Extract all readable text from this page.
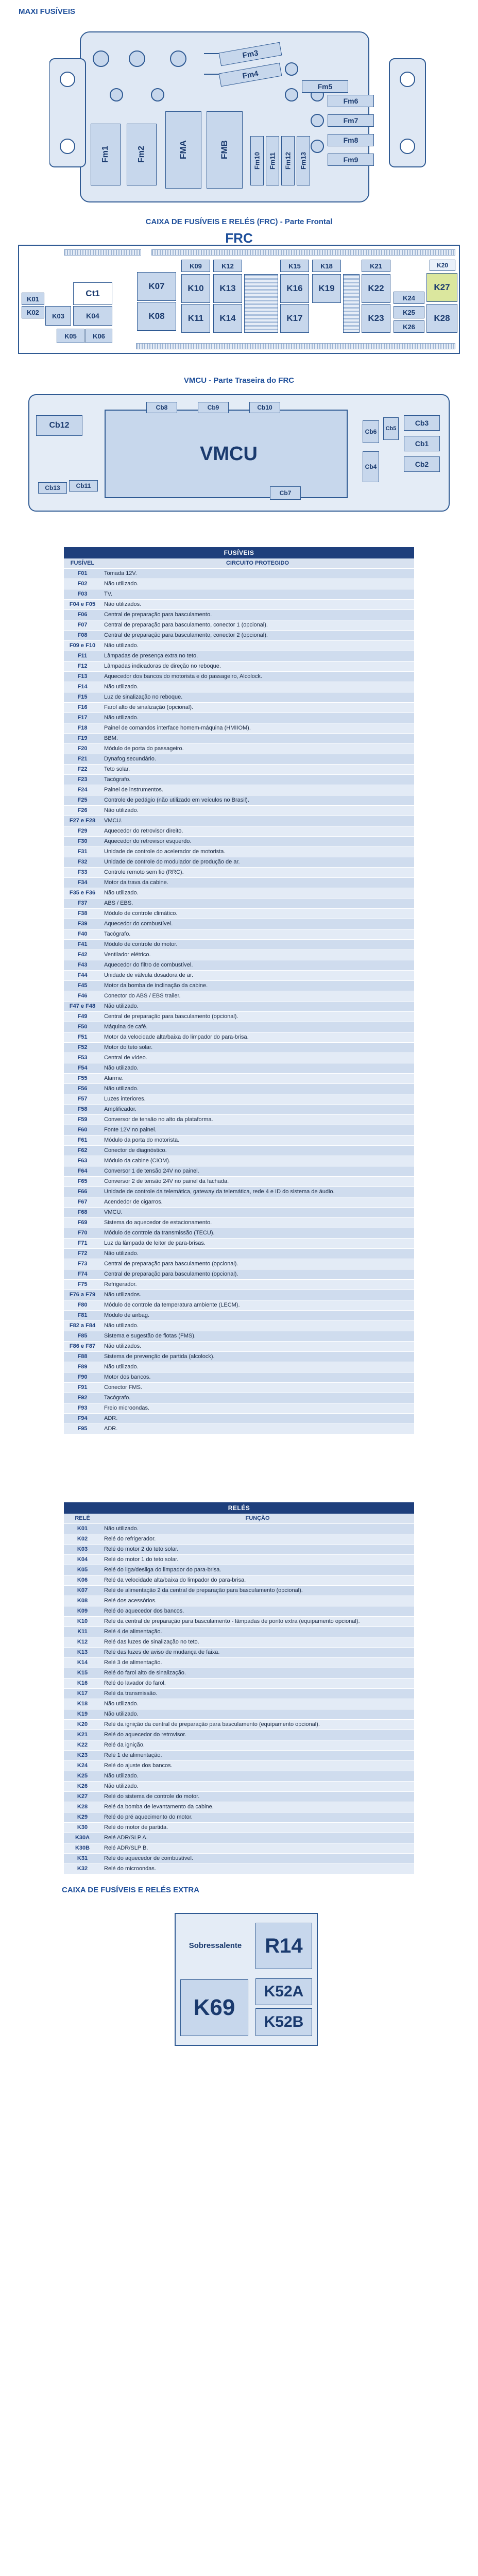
MAXI FUSÍVEIS
Fm3
Fm4
Fm5
Fm6
Fm7
Fm8
Fm9
Fm1	Fm2	FMA	FMB
Fm10	Fm11	Fm12	Fm13
CAIXA DE FUSÍVEIS E RELÉS (FRC) - Parte Frontal
FRC
K01
K02	K03
Ct1
K04
K05	K06
K07
K08
K09
K10
K11
K12
K13
K14
K15
K16
K17
K18
K19
K20
K21
K22
K23
K24
K25
K26
K27
K28
VMCU - Parte Traseira do FRC
VMCU
Cb12
Cb13
Cb1
Cb2
Cb3
Cb4
Cb5
Cb6
Cb7
Cb8	Cb9	Cb10
Cb11
FUSÍVEIS
FUSÍVEL	CIRCUITO PROTEGIDO
F01	Tomada 12V.
F02	Não utilizado.
F03	TV.
F04 e F05	Não utilizados.
F06	Central de preparação para basculamento.
F07	Central de preparação para basculamento, conector 1 (opcional).
F08	Central de preparação para basculamento, conector 2 (opcional).
F09 e F10	Não utilizado.
F11	Lâmpadas de presença extra no teto.
F12	Lâmpadas indicadoras de direção no reboque.
F13	Aquecedor dos bancos do motorista e do passageiro, Alcolock.
F14	Não utilizado.
F15	Luz de sinalização no reboque.
F16	Farol alto de sinalização (opcional).
F17	Não utilizado.
F18	Painel de comandos interface homem-máquina (HMIIOM).
F19	BBM.
F20	Módulo de porta do passageiro.
F21	Dynafog secundário.
F22	Teto solar.
F23	Tacógrafo.
F24	Painel de instrumentos.
F25	Controle de pedágio (não utilizado em veículos no Brasil).
F26	Não utilizado.
F27 e F28	VMCU.
F29	Aquecedor do retrovisor direito.
F30	Aquecedor do retrovisor esquerdo.
F31	Unidade de controle do acelerador de motorista.
F32	Unidade de controle do modulador de produção de ar.
F33	Controle remoto sem fio (RRC).
F34	Motor da trava da cabine.
F35 e F36	Não utilizado.
F37	ABS / EBS.
F38	Módulo de controle climático.
F39	Aquecedor do combustível.
F40	Tacógrafo.
F41	Módulo de controle do motor.
F42	Ventilador elétrico.
F43	Aquecedor do filtro de combustível.
F44	Unidade de válvula dosadora de ar.
F45	Motor da bomba de inclinação da cabine.
F46	Conector do ABS / EBS trailer.
F47 e F48	Não utilizado.
F49	Central de preparação para basculamento (opcional).
F50	Máquina de café.
F51	Motor da velocidade alta/baixa do limpador do para-brisa.
F52	Motor do teto solar.
F53	Central de vídeo.
F54	Não utilizado.
F55	Alarme.
F56	Não utilizado.
F57	Luzes interiores.
F58	Amplificador.
F59	Conversor de tensão no alto da plataforma.
F60	Fonte 12V no painel.
F61	Módulo da porta do motorista.
F62	Conector de diagnóstico.
F63	Módulo da cabine (CIOM).
F64	Conversor 1 de tensão 24V no painel.
F65	Conversor 2 de tensão 24V no painel da fachada.
F66	Unidade de controle da telemática, gateway da telemática, rede 4 e ID do sistema de áudio.
F67	Acendedor de cigarros.
F68	VMCU.
F69	Sistema do aquecedor de estacionamento.
F70	Módulo de controle da transmissão (TECU).
F71	Luz da lâmpada de leitor de para-brisas.
F72	Não utilizado.
F73	Central de preparação para basculamento (opcional).
F74	Central de preparação para basculamento (opcional).
F75	Refrigerador.
F76 a F79	Não utilizados.
F80	Módulo de controle da temperatura ambiente (LECM).
F81	Módulo de airbag.
F82 a F84	Não utilizado.
F85	Sistema e sugestão de flotas (FMS).
F86 e F87	Não utilizados.
F88	Sistema de prevenção de partida (alcolock).
F89	Não utilizado.
F90	Motor dos bancos.
F91	Conector FMS.
F92	Tacógrafo.
F93	Freio microondas.
F94	ADR.
F95	ADR.
RELÉS
RELÉ	FUNÇÃO
K01	Não utilizado.
K02	Relé do refrigerador.
K03	Relé do motor 2 do teto solar.
K04	Relé do motor 1 do teto solar.
K05	Relé do liga/desliga do limpador do para-brisa.
K06	Relé da velocidade alta/baixa do limpador do para-brisa.
K07	Relé de alimentação 2 da central de preparação para basculamento (opcional).
K08	Relé dos acessórios.
K09	Relé do aquecedor dos bancos.
K10	Relé da central de preparação para basculamento - lâmpadas de ponto extra (equipamento opcional).
K11	Relé 4 de alimentação.
K12	Relé das luzes de sinalização no teto.
K13	Relé das luzes de aviso de mudança de faixa.
K14	Relé 3 de alimentação.
K15	Relé do farol alto de sinalização.
K16	Relé do lavador do farol.
K17	Relé da transmissão.
K18	Não utilizado.
K19	Não utilizado.
K20	Relé da ignição da central de preparação para basculamento (equipamento opcional).
K21	Relé do aquecedor do retrovisor.
K22	Relé da ignição.
K23	Relé 1 de alimentação.
K24	Relé do ajuste dos bancos.
K25	Não utilizado.
K26	Não utilizado.
K27	Relé do sistema de controle do motor.
K28	Relé da bomba de levantamento da cabine.
K29	Relé do pré aquecimento do motor.
K30	Relé do motor de partida.
K30A	Relé ADR/SLP A.
K30B	Relé ADR/SLP B.
K31	Relé do aquecedor de combustível.
K32	Relé do microondas.
CAIXA DE FUSÍVEIS E RELÉS EXTRA
Sobressalente	R14
K69
K52A
K52B
